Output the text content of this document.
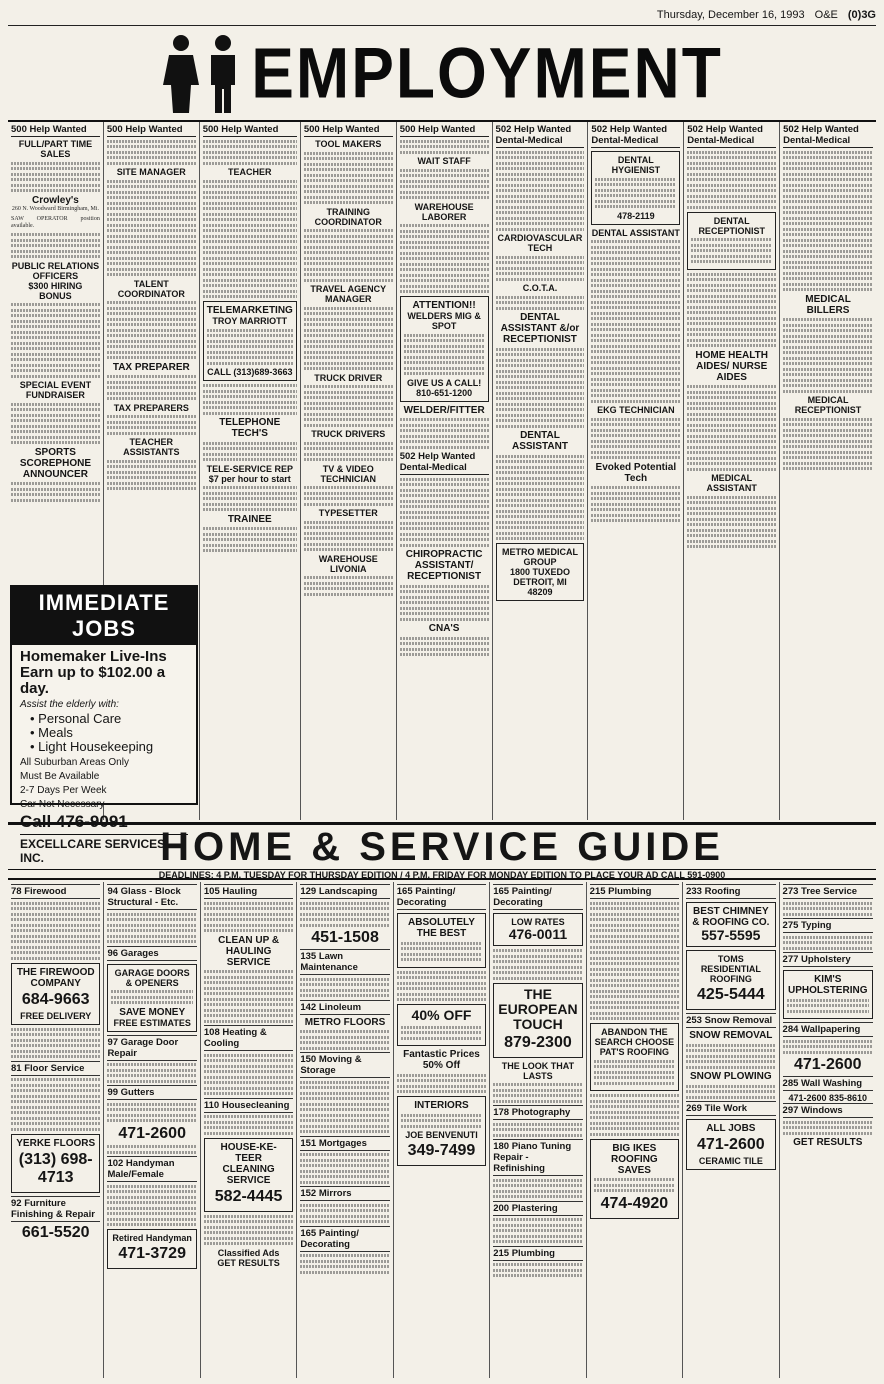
Thursday, December 16, 1993 O&E (0)3G
EMPLOYMENT
500 Help Wanted
FULL/PART TIME SALES
Crowley's
260 N. Woodward Birmingham, Mi.
SAW OPERATOR position available.
PUBLIC RELATIONS OFFICERS
$300 HIRING BONUS
SPECIAL EVENT FUNDRAISER
SPORTS SCOREPHONE ANNOUNCER
500 Help Wanted
SITE MANAGER
TALENT COORDINATOR
TAX PREPARER
TAX PREPARERS
TEACHER ASSISTANTS
500 Help Wanted
TEACHER
TELEMARKETING
TROY MARRIOTT
CALL (313)689-3663
TELEPHONE TECH'S
TELE-SERVICE REP
$7 per hour to start
TRAINEE
500 Help Wanted
TOOL MAKERS
TRAINING COORDINATOR
TRAVEL AGENCY MANAGER
TRUCK DRIVER
TRUCK DRIVERS
TV & VIDEO TECHNICIAN
TYPESETTER
WAREHOUSE LIVONIA
500 Help Wanted
WAIT STAFF
WAREHOUSE LABORER
ATTENTION!!
WELDERS MIG & SPOT
GIVE US A CALL!
810-651-1200
WELDER/FITTER
502 Help Wanted Dental-Medical
CHIROPRACTIC ASSISTANT/ RECEPTIONIST
CNA'S
502 Help Wanted Dental-Medical
CARDIOVASCULAR TECH
C.O.T.A.
DENTAL ASSISTANT &/or RECEPTIONIST
DENTAL ASSISTANT
METRO MEDICAL GROUP
1800 TUXEDO
DETROIT, MI 48209
502 Help Wanted Dental-Medical
DENTAL HYGIENIST
478-2119
DENTAL ASSISTANT
EKG TECHNICIAN
Evoked Potential Tech
502 Help Wanted Dental-Medical
DENTAL RECEPTIONIST
HOME HEALTH AIDES/ NURSE AIDES
MEDICAL ASSISTANT
502 Help Wanted Dental-Medical
MEDICAL BILLERS
MEDICAL RECEPTIONIST
IMMEDIATE JOBS
Homemaker Live-Ins
Earn up to $102.00 a day.
Assist the elderly with:
• Personal Care
• Meals
• Light Housekeeping
All Suburban Areas Only
Must Be Available
2-7 Days Per Week
Car Not Necessary
Call 476-9091
EXCELLCARE SERVICES, INC.	HOME & SERVICE GUIDE
DEADLINES: 4 P.M. TUESDAY FOR THURSDAY EDITION / 4 P.M. FRIDAY FOR MONDAY EDITION TO PLACE YOUR AD CALL 591-0900
78 Firewood
THE FIREWOOD COMPANY
684-9663
FREE DELIVERY
81 Floor Service
YERKE FLOORS
(313) 698-4713
92 Furniture Finishing & Repair
661-5520
94 Glass - Block Structural - Etc.
96 Garages
GARAGE DOORS & OPENERS
SAVE MONEY
FREE ESTIMATES
97 Garage Door Repair
99 Gutters
471-2600
102 Handyman Male/Female
Retired Handyman
471-3729
105 Hauling
CLEAN UP & HAULING SERVICE
108 Heating & Cooling
110 Housecleaning
HOUSE-KE-TEER CLEANING SERVICE
582-4445
Classified Ads
GET RESULTS
129 Landscaping
451-1508
135 Lawn Maintenance
142 Linoleum
METRO FLOORS
150 Moving & Storage
151 Mortgages
152 Mirrors
165 Painting/ Decorating
165 Painting/ Decorating
ABSOLUTELY THE BEST
40% OFF
Fantastic Prices 50% Off
INTERIORS
JOE BENVENUTI
349-7499
165 Painting/ Decorating
LOW RATES
476-0011
THE EUROPEAN TOUCH
879-2300
THE LOOK THAT LASTS
178 Photography
180 Piano Tuning Repair - Refinishing
200 Plastering
215 Plumbing
215 Plumbing
ABANDON THE SEARCH CHOOSE PAT'S ROOFING
BIG IKES ROOFING SAVES
474-4920
233 Roofing
BEST CHIMNEY & ROOFING CO.
557-5595
TOMS RESIDENTIAL ROOFING
425-5444
253 Snow Removal
SNOW REMOVAL
SNOW PLOWING
269 Tile Work
ALL JOBS
471-2600
CERAMIC TILE
273 Tree Service
275 Typing
277 Upholstery
KIM'S UPHOLSTERING
284 Wallpapering
471-2600
285 Wall Washing
471-2600 835-8610
297 Windows
GET RESULTS
